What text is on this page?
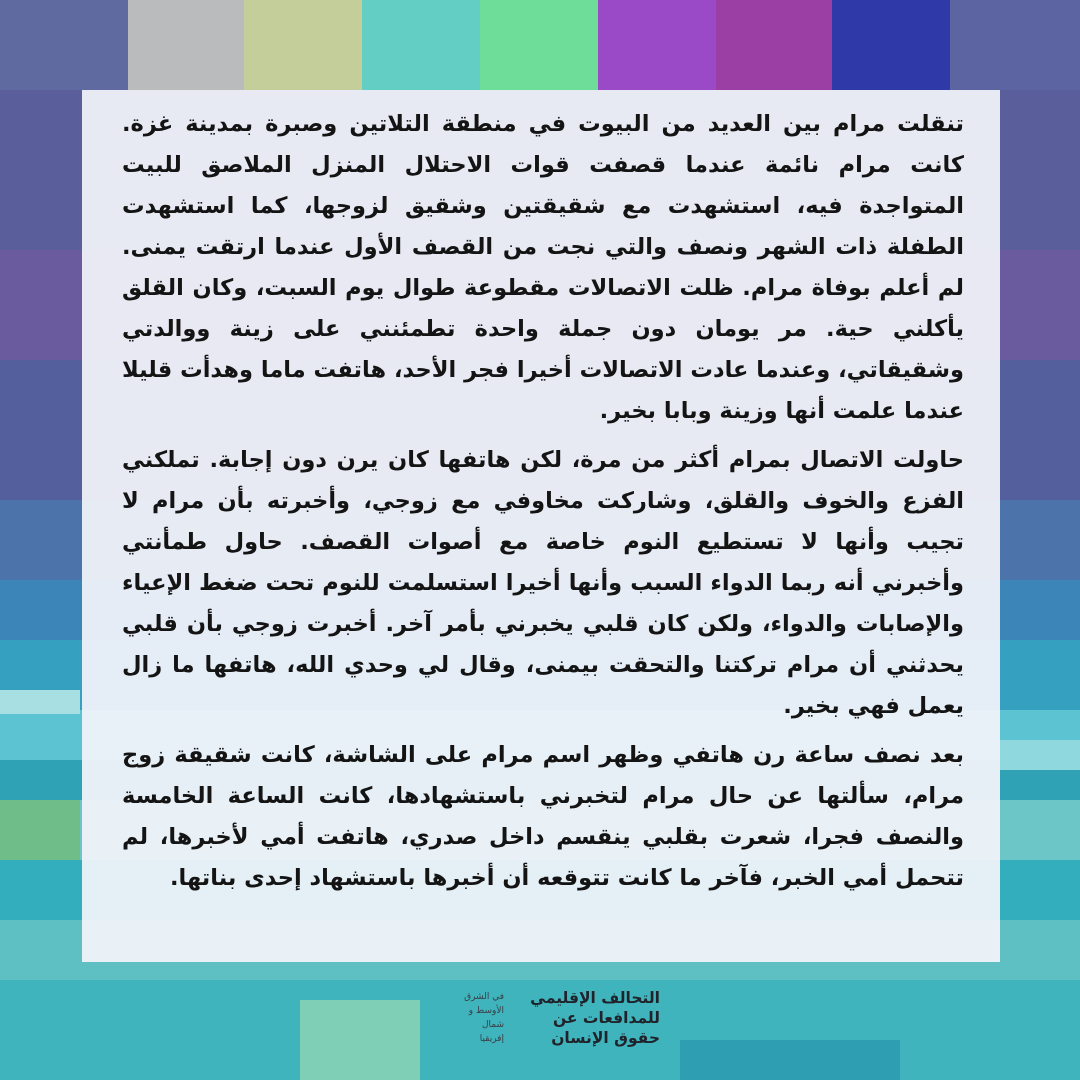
تنقلت مرام بين العديد من البيوت في منطقة التلاتين وصبرة بمدينة غزة. كانت مرام نائمة عندما قصفت قوات الاحتلال المنزل الملاصق للبيت المتواجدة فيه، استشهدت مع شقيقتين وشقيق لزوجها، كما استشهدت الطفلة ذات الشهر ونصف والتي نجت من القصف الأول عندما ارتقت يمنى. لم أعلم بوفاة مرام. ظلت الاتصالات مقطوعة طوال يوم السبت، وكان القلق يأكلني حية. مر يومان دون جملة واحدة تطمئنني على زينة ووالدتي وشقيقاتي، وعندما عادت الاتصالات أخيرا فجر الأحد، هاتفت ماما وهدأت قليلا عندما علمت أنها وزينة وبابا بخير.

حاولت الاتصال بمرام أكثر من مرة، لكن هاتفها كان يرن دون إجابة. تملكني الفزع والخوف والقلق، وشاركت مخاوفي مع زوجي، وأخبرته بأن مرام لا تجيب وأنها لا تستطيع النوم خاصة مع أصوات القصف. حاول طمأنتي وأخبرني أنه ربما الدواء السبب وأنها أخيرا استسلمت للنوم تحت ضغط الإعياء والإصابات والدواء، ولكن كان قلبي يخبرني بأمر آخر. أخبرت زوجي بأن قلبي يحدثني أن مرام تركتنا والتحقت بيمنى، وقال لي وحدي الله، هاتفها ما زال يعمل فهي بخير.

بعد نصف ساعة رن هاتفي وظهر اسم مرام على الشاشة، كانت شقيقة زوج مرام، سألتها عن حال مرام لتخبرني باستشهادها، كانت الساعة الخامسة والنصف فجرا، شعرت بقلبي ينقسم داخل صدري، هاتفت أمي لأخبرها، لم تتحمل أمي الخبر، فآخر ما كانت تتوقعه أن أخبرها باستشهاد إحدى بناتها.

التحالف الإقليمي
للمدافعات عن
حقوق الإنسان
في الشرق
الأوسط و
شمال
إفريقيا
